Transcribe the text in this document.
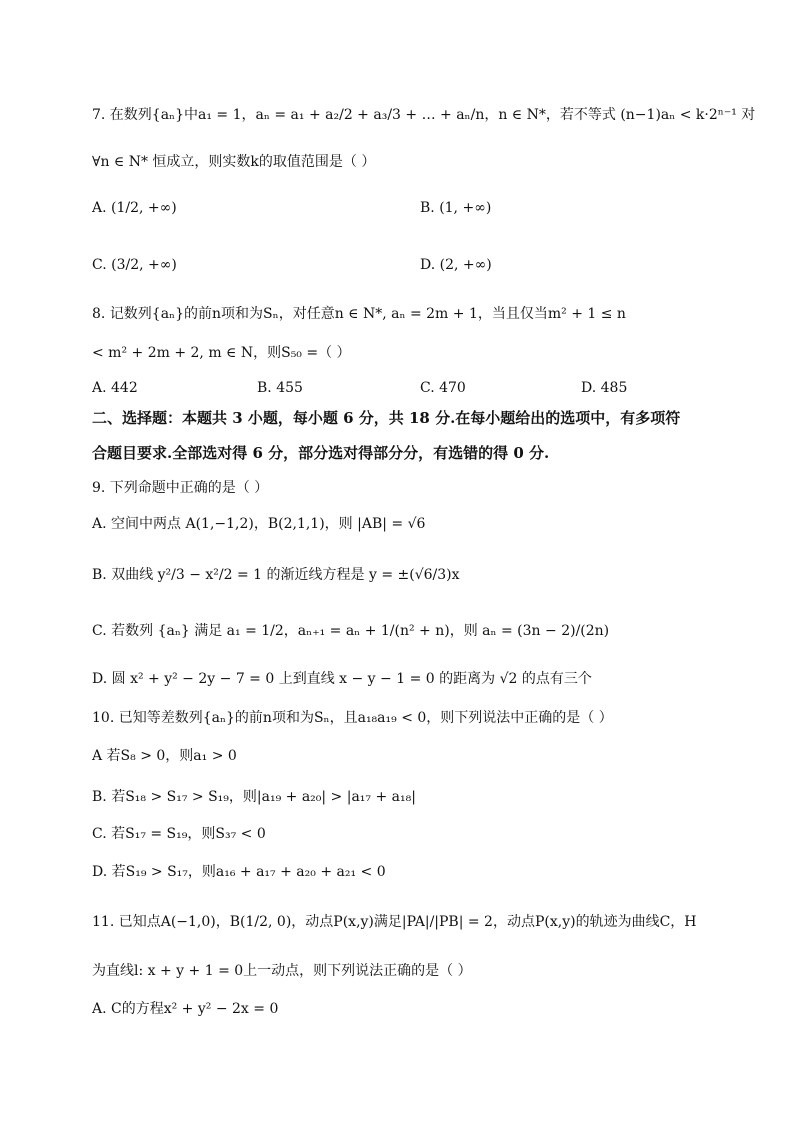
7. 在数列{aₙ}中a₁ = 1，aₙ = a₁ + a₂/2 + a₃/3 + … + aₙ/n，n ∈ N*，若不等式 (n−1)aₙ < k·2ⁿ⁻¹ 对
∀n ∈ N* 恒成立，则实数k的取值范围是（ ）
A. (1/2, +∞)	B. (1, +∞)
C. (3/2, +∞)	D. (2, +∞)
8. 记数列{aₙ}的前n项和为Sₙ，对任意n ∈ N*, aₙ = 2m + 1，当且仅当m² + 1 ≤ n
< m² + 2m + 2, m ∈ N，则S₅₀ =（ ）
A. 442	B. 455	C. 470	D. 485
二、选择题：本题共 3 小题，每小题 6 分，共 18 分.在每小题给出的选项中，有多项符
合题目要求.全部选对得 6 分，部分选对得部分分，有选错的得 0 分.
9. 下列命题中正确的是（ ）
A. 空间中两点 A(1,−1,2)，B(2,1,1)，则 |AB| = √6
B. 双曲线 y²/3 − x²/2 = 1 的渐近线方程是 y = ±(√6/3)x
C. 若数列 {aₙ} 满足 a₁ = 1/2，aₙ₊₁ = aₙ + 1/(n² + n)，则 aₙ = (3n − 2)/(2n)
D. 圆 x² + y² − 2y − 7 = 0 上到直线 x − y − 1 = 0 的距离为 √2 的点有三个
10. 已知等差数列{aₙ}的前n项和为Sₙ，且a₁₈a₁₉ < 0，则下列说法中正确的是（ ）
A 若S₈ > 0，则a₁ > 0
B. 若S₁₈ > S₁₇ > S₁₉，则|a₁₉ + a₂₀| > |a₁₇ + a₁₈|
C. 若S₁₇ = S₁₉，则S₃₇ < 0
D. 若S₁₉ > S₁₇，则a₁₆ + a₁₇ + a₂₀ + a₂₁ < 0
11. 已知点A(−1,0)，B(1/2, 0)，动点P(x,y)满足|PA|/|PB| = 2，动点P(x,y)的轨迹为曲线C，H
为直线l: x + y + 1 = 0上一动点，则下列说法正确的是（ ）
A. C的方程x² + y² − 2x = 0
